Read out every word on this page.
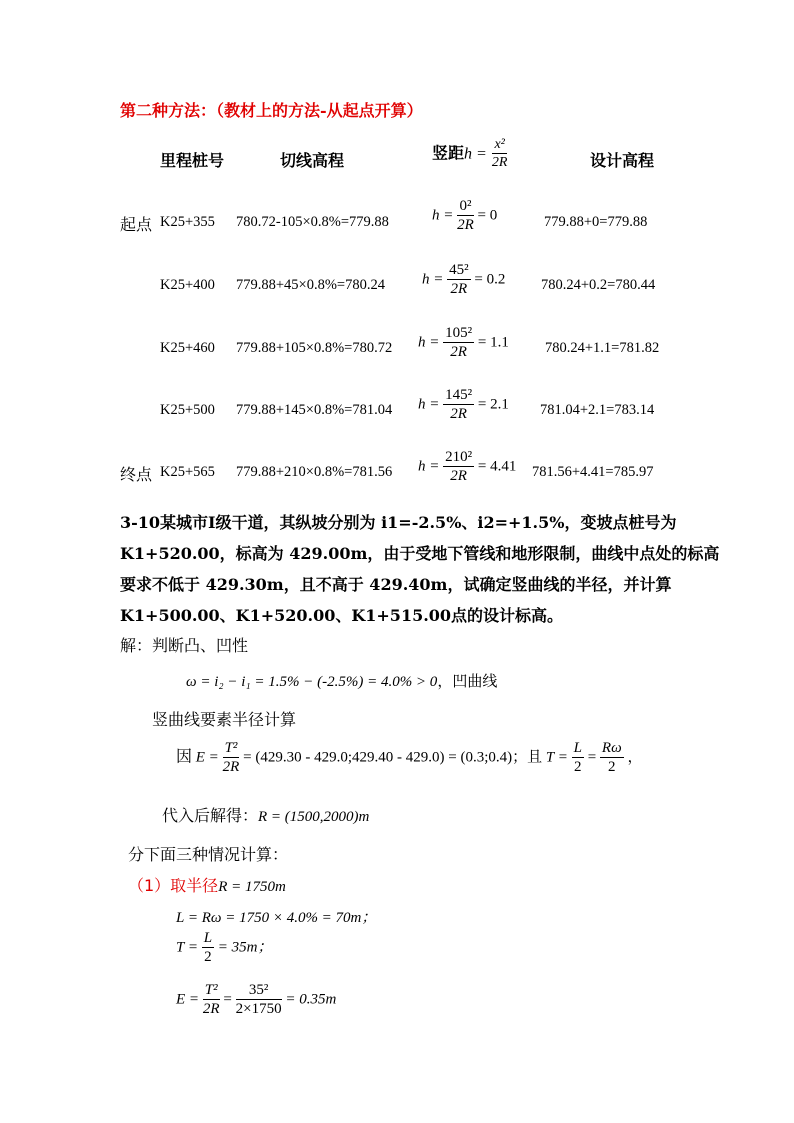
第二种方法：（教材上的方法-从起点开算）
里程桩号	切线高程	竖距$h = \frac{\text{x²}}{2R}$	设计高程
起点 K25+355 780.72-105×0.8%=779.88	$h = \frac{\text{0²}}{2R} = 0$	779.88+0=779.88
K25+400 779.88+45×0.8%=780.24 $h = \frac{\text{45²}}{2R} = 0.2$ 780.24+0.2=780.44
K25+460 779.88+105×0.8%=780.72 $h = \frac{\text{105²}}{2R} = 1.1$ 780.24+1.1=781.82
K25+500 779.88+145×0.8%=781.04 $h = \frac{\text{145²}}{2R} = 2.1$ 781.04+2.1=783.14
终点 K25+565 779.88+210×0.8%=781.56 $h = \frac{\text{210²}}{2R} = 4.41$ 781.56+4.41=785.97
3-10某城市Ⅰ级干道，其纵坡分别为 i1=-2.5%、i2=+1.5%，变坡点桩号为
K1+520.00，标高为 429.00m，由于受地下管线和地形限制，曲线中点处的标高
要求不低于 429.30m，且不高于 429.40m，试确定竖曲线的半径，并计算
K1+500.00、K1+520.00、K1+515.00点的设计标高。
解：判断凸、凹性
ω = i₂ − i₁ = 1.5% − (-2.5%) = 4.0% > 0，凹曲线
竖曲线要素半径计算
因 $E = \frac{\text{T²}}{2R} = (429.30$ - 429.0;429.40 - 429.0) = (0.3;0.4)；且 $T = \frac{L}{2} = \frac{R\omega}{2}$ ，
代入后解得：R = (1500,2000)m
分下面三种情况计算：
（1）取半径R = 1750m
L = Rω = 1750 × 4.0% = 70m；
$T = \frac{L}{2} = 35m$；
$E = \frac{\text{T²}}{2R} = \frac{\text{35²}}{2\times 1750} = 0.35m$
